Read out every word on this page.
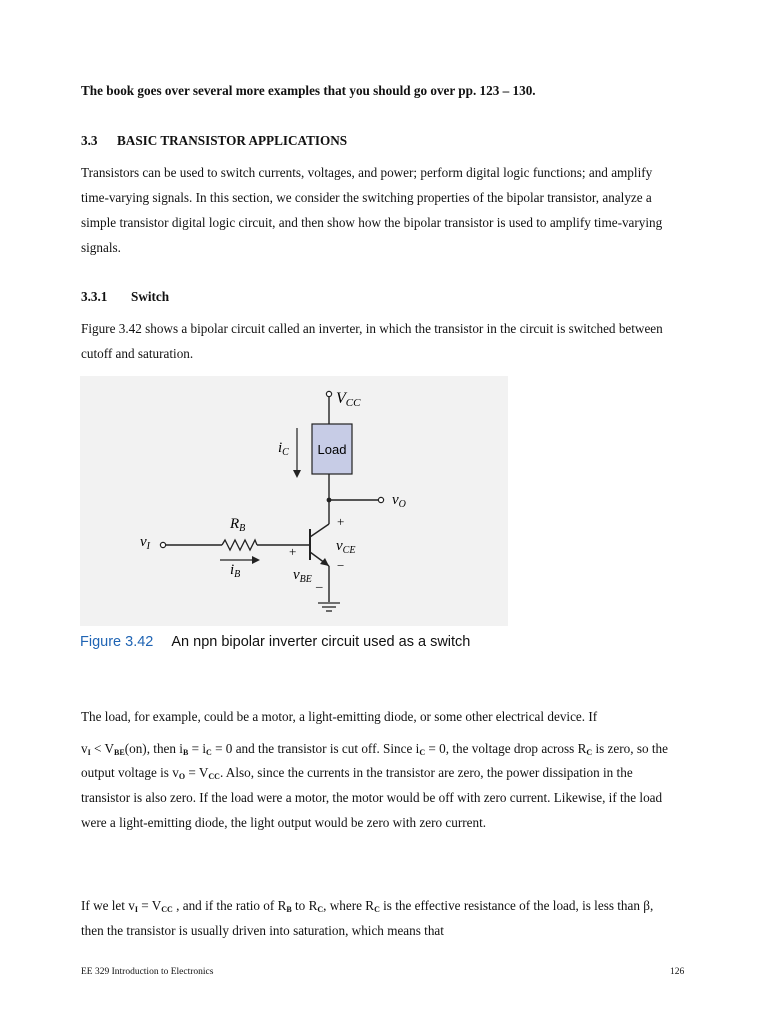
The book goes over several more examples that you should go over pp. 123 – 130.
3.3 BASIC TRANSISTOR APPLICATIONS
Transistors can be used to switch currents, voltages, and power; perform digital logic functions; and amplify
time-varying signals. In this section, we consider the switching properties of the bipolar transistor, analyze a
simple transistor digital logic circuit, and then show how the bipolar transistor is used to amplify time-varying
signals.
3.3.1 Switch
Figure 3.42 shows a bipolar circuit called an inverter, in which the transistor in the circuit is switched between
cutoff and saturation.
VCC
Load
$i_C$
$v_O$
$v_I$
$R_B$
$i_B$
+
$v_{CE}$
−
+
$v_{BE}$ _
Figure 3.42 An npn bipolar inverter circuit used as a switch
The load, for example, could be a motor, a light-emitting diode, or some other electrical device. If
$v_I < V_{BE}(on)$, then $i_B = i_C = 0$ and the transistor is cut off. Since $i_C = 0$, the voltage drop across $R_C$ is zero, so the
output voltage is $v_O = V_{CC}$. Also, since the currents in the transistor are zero, the power dissipation in the
transistor is also zero. If the load were a motor, the motor would be off with zero current. Likewise, if the load
were a light-emitting diode, the light output would be zero with zero current.
If we let $v_I = V_{CC}$ , and if the ratio of $R_B$ to $R_C$, where $R_C$ is the effective resistance of the load, is less than β,
then the transistor is usually driven into saturation, which means that
EE 329 Introduction to Electronics	126
